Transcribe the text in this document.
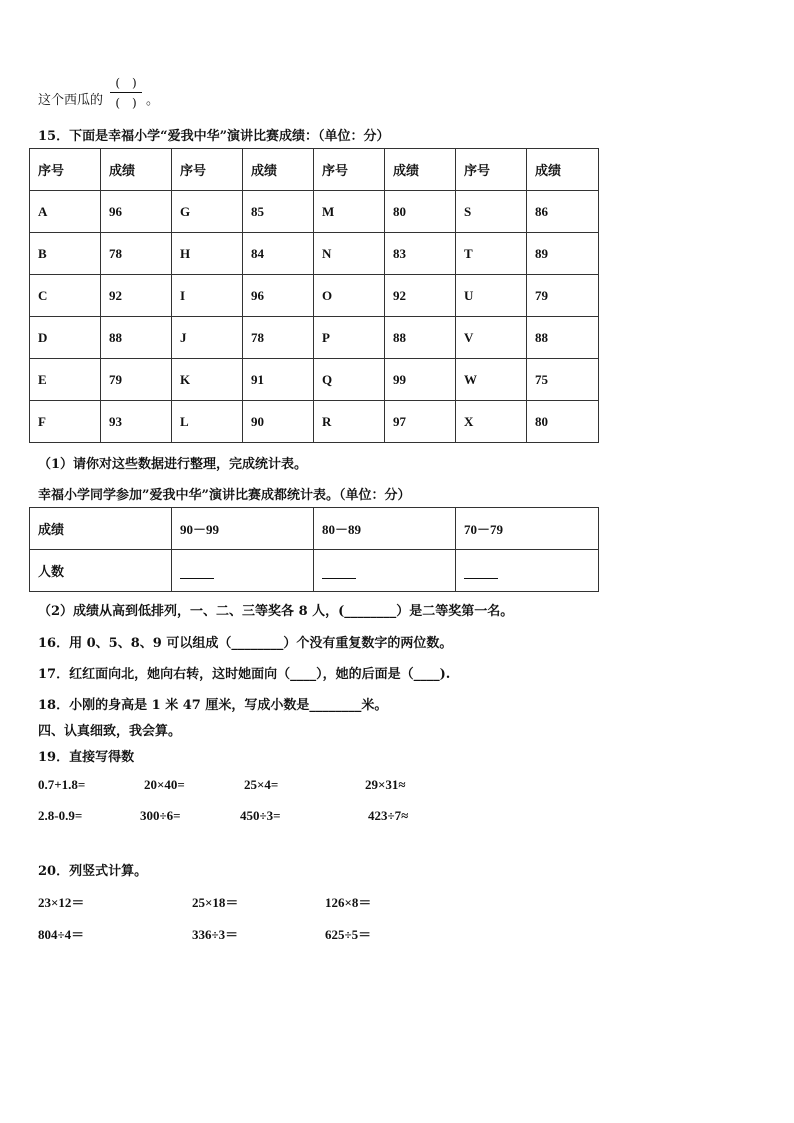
这个西瓜的
(　)
(　) 。
15．下面是幸福小学“爱我中华”演讲比赛成绩：（单位：分）
序号	成绩	序号	成绩	序号	成绩	序号	成绩
A	96	G	85	M	80	S	86
B	78	H	84	N	83	T	89
C	92	I	96	O	92	U	79
D	88	J	78	P	88	V	88
E	79	K	91	Q	99	W	75
F	93	L	90	R	97	X	80
（1）请你对这些数据进行整理，完成统计表。
幸福小学同学参加”爱我中华”演讲比赛成都统计表。（单位：分）
成绩	90－99	80－89	70－79
人数			
（2）成绩从高到低排列，一、二、三等奖各 8 人，(________）是二等奖第一名。
16．用 0、5、8、9 可以组成（________）个没有重复数字的两位数。
17．红红面向北，她向右转，这时她面向（____），她的后面是（____).
18．小刚的身高是 1 米 47 厘米，写成小数是________米。
四、认真细致，我会算。
19．直接写得数
0.7+1.8=	20×40=	25×4=	29×31≈
2.8-0.9=	300÷6=	450÷3=	423÷7≈
20．列竖式计算。
23×12＝	25×18＝	126×8＝
804÷4＝	336÷3＝	625÷5＝
